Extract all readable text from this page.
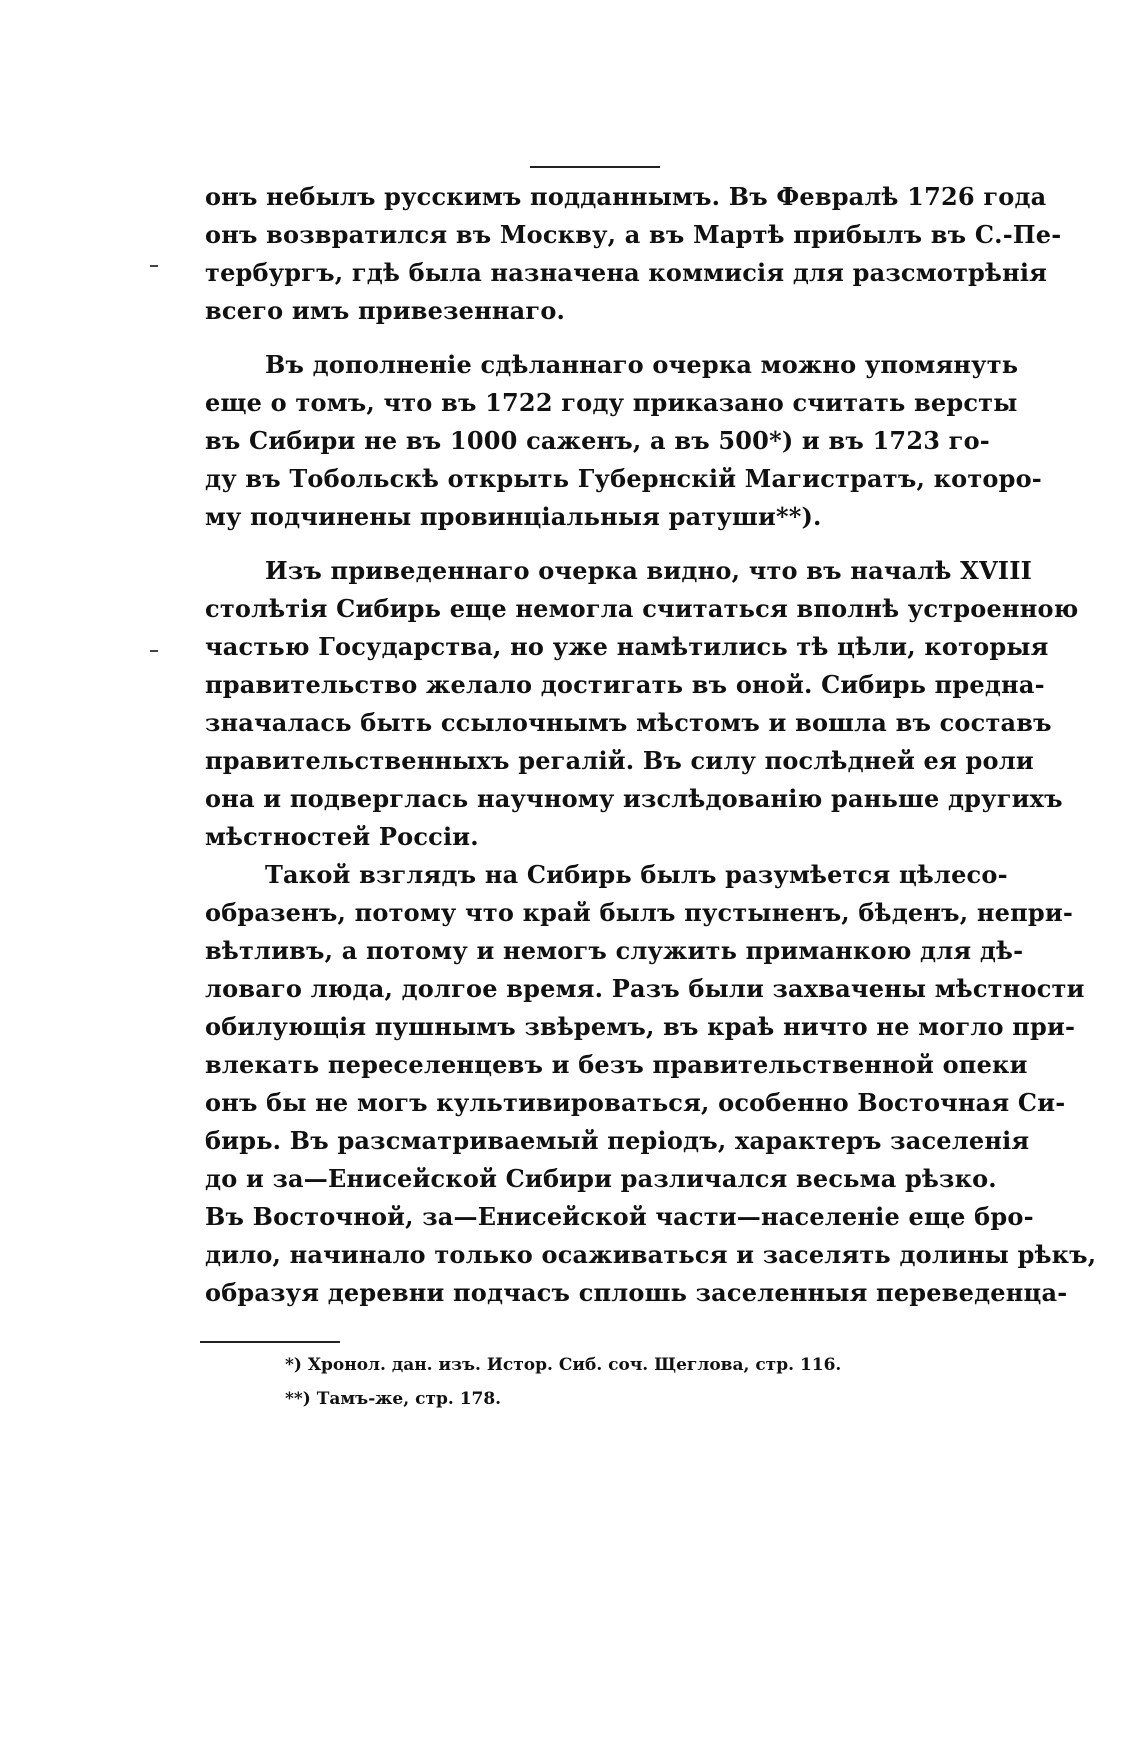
онъ небылъ русскимъ подданнымъ. Въ Февралѣ 1726 года
онъ возвратился въ Москву, а въ Мартѣ прибылъ въ С.-Пе-
тербургъ, гдѣ была назначена коммисія для разсмотрѣнія
всего имъ привезеннаго.
Въ дополненіе сдѣланнаго очерка можно упомянуть
еще о томъ, что въ 1722 году приказано считать версты
въ Сибири не въ 1000 саженъ, а въ 500*) и въ 1723 го-
ду въ Тобольскѣ открыть Губернскій Магистратъ, которо-
му подчинены провинціальныя ратуши**).
Изъ приведеннаго очерка видно, что въ началѣ XVIII
столѣтія Сибирь еще немогла считаться вполнѣ устроенною
частью Государства, но уже намѣтились тѣ цѣли, которыя
правительство желало достигать въ оной. Сибирь предна-
значалась быть ссылочнымъ мѣстомъ и вошла въ составъ
правительственныхъ регалій. Въ силу послѣдней ея роли
она и подверглась научному изслѣдованію раньше другихъ
мѣстностей Россіи.
Такой взглядъ на Сибирь былъ разумѣется цѣлесо-
образенъ, потому что край былъ пустыненъ, бѣденъ, непри-
вѣтливъ, а потому и немогъ служить приманкою для дѣ-
ловаго люда, долгое время. Разъ были захвачены мѣстности
обилующія пушнымъ звѣремъ, въ краѣ ничто не могло при-
влекать переселенцевъ и безъ правительственной опеки
онъ бы не могъ культивироваться, особенно Восточная Си-
бирь. Въ разсматриваемый періодъ, характеръ заселенія
до и за—Енисейской Сибири различался весьма рѣзко.
Въ Восточной, за—Енисейской части—населеніе еще бро-
дило, начинало только осаживаться и заселять долины рѣкъ,
образуя деревни подчасъ сплошь заселенныя переведенца-
*) Хронол. дан. изъ. Истор. Сиб. соч. Щеглова, стр. 116.
**) Тамъ-же, стр. 178.
